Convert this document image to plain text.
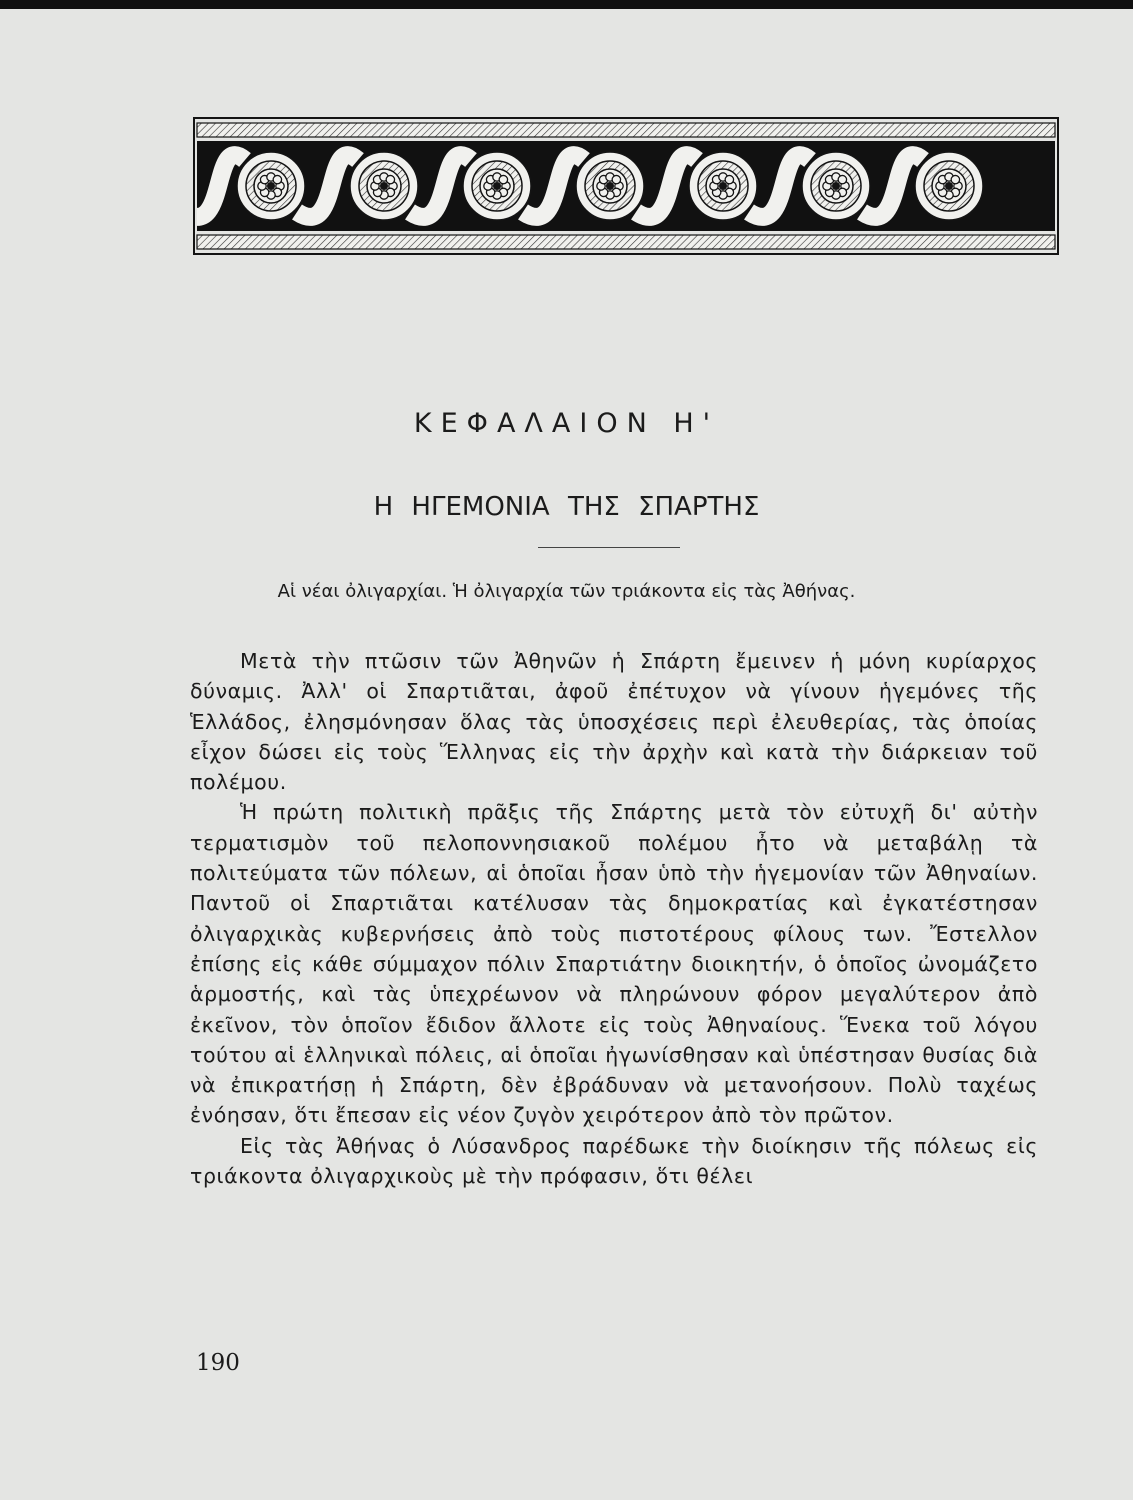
ΚΕΦΑΛΑΙΟΝ Η'
Η ΗΓΕΜΟΝΙΑ ΤΗΣ ΣΠΑΡΤΗΣ
Αἱ νέαι ὀλιγαρχίαι. Ἡ ὀλιγαρχία τῶν τριάκοντα εἰς τὰς Ἀθήνας.

Μετὰ τὴν πτῶσιν τῶν Ἀθηνῶν ἡ Σπάρτη ἔμεινεν ἡ μόνη κυρίαρχος δύναμις. Ἀλλ' οἱ Σπαρτιᾶται, ἀφοῦ ἐπέτυχον νὰ γίνουν ἡγεμόνες τῆς Ἑλλάδος, ἐλησμόνησαν ὅλας τὰς ὑποσχέσεις περὶ ἐλευθερίας, τὰς ὁποίας εἶχον δώσει εἰς τοὺς Ἕλληνας εἰς τὴν ἀρχὴν καὶ κατὰ τὴν διάρκειαν τοῦ πολέμου.

Ἡ πρώτη πολιτικὴ πρᾶξις τῆς Σπάρτης μετὰ τὸν εὐτυχῆ δι' αὐτὴν τερματισμὸν τοῦ πελοποννησιακοῦ πολέμου ἦτο νὰ μεταβάλῃ τὰ πολιτεύματα τῶν πόλεων, αἱ ὁποῖαι ἦσαν ὑπὸ τὴν ἡγεμονίαν τῶν Ἀθηναίων. Παντοῦ οἱ Σπαρτιᾶται κατέλυσαν τὰς δημοκρατίας καὶ ἐγκατέστησαν ὀλιγαρχικὰς κυβερνήσεις ἀπὸ τοὺς πιστοτέρους φίλους των. Ἔστελλον ἐπίσης εἰς κάθε σύμμαχον πόλιν Σπαρτιάτην διοικητήν, ὁ ὁποῖος ὠνομάζετο ἁρμοστής, καὶ τὰς ὑπεχρέωνον νὰ πληρώνουν φόρον μεγαλύτερον ἀπὸ ἐκεῖνον, τὸν ὁποῖον ἔδιδον ἄλλοτε εἰς τοὺς Ἀθηναίους. Ἕνεκα τοῦ λόγου τούτου αἱ ἑλληνικαὶ πόλεις, αἱ ὁποῖαι ἠγωνίσθησαν καὶ ὑπέστησαν θυσίας διὰ νὰ ἐπικρατήσῃ ἡ Σπάρτη, δὲν ἐβράδυναν νὰ μετανοήσουν. Πολὺ ταχέως ἐνόησαν, ὅτι ἔπεσαν εἰς νέον ζυγὸν χειρότερον ἀπὸ τὸν πρῶτον.

Εἰς τὰς Ἀθήνας ὁ Λύσανδρος παρέδωκε τὴν διοίκησιν τῆς πόλεως εἰς τριάκοντα ὀλιγαρχικοὺς μὲ τὴν πρόφασιν, ὅτι θέλει

190
